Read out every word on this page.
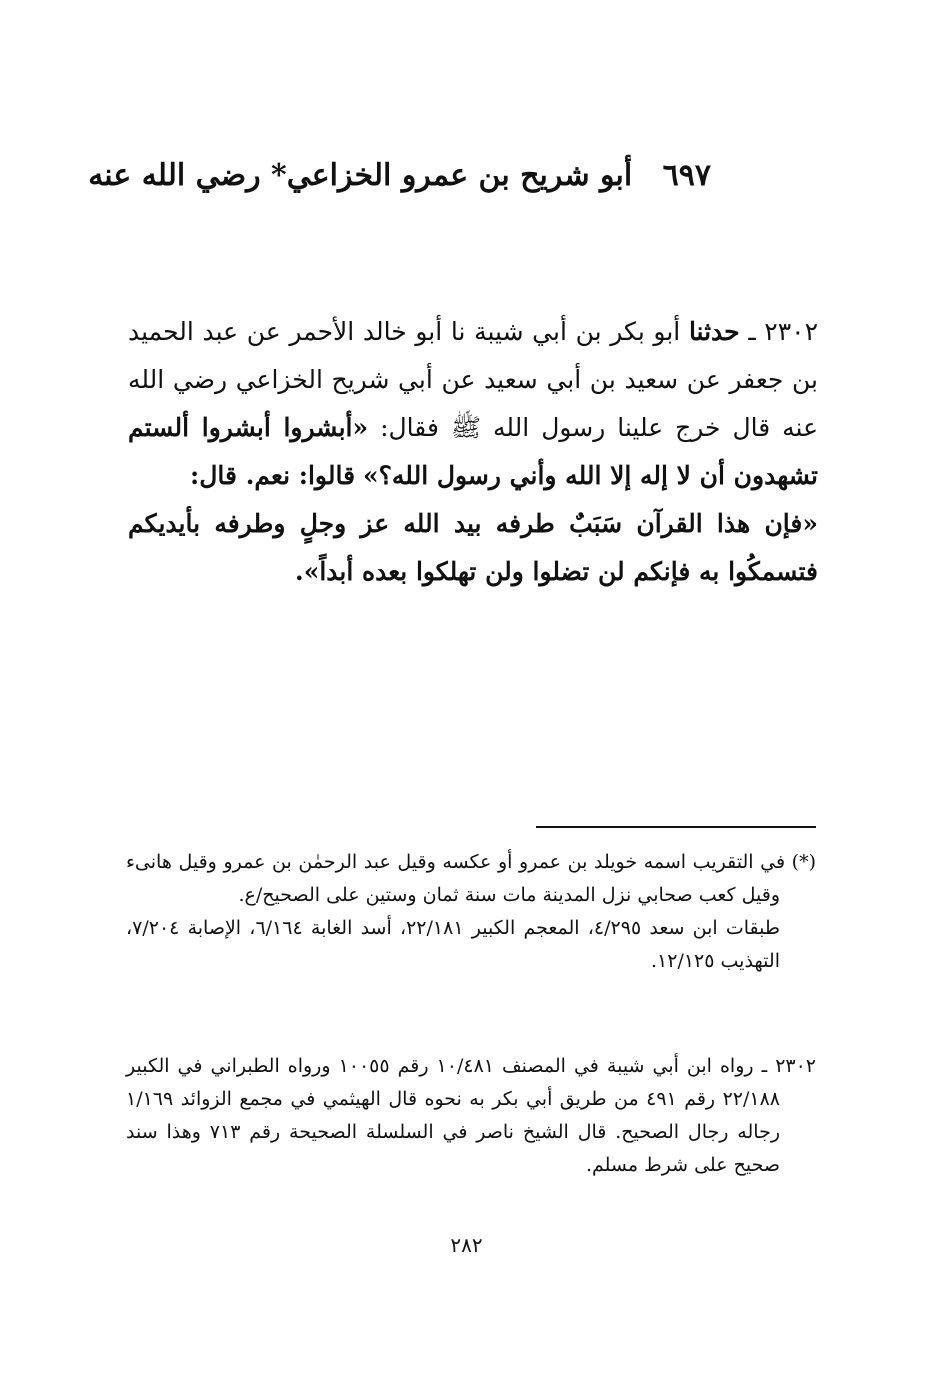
٦٩٧ أبو شريح بن عمرو الخزاعي* رضي الله عنه
٢٣٠٢ ـ حدثنا أبو بكر بن أبي شيبة نا أبو خالد الأحمر عن عبد الحميد بن جعفر عن سعيد بن أبي سعيد عن أبي شريح الخزاعي رضي الله عنه قال خرج علينا رسول الله ﷺ فقال: «أبشروا أبشروا ألستم تشهدون أن لا إله إلا الله وأني رسول الله؟» قالوا: نعم. قال:
«فإن هذا القرآن سَبَبٌ طرفه بيد الله عز وجلٍ وطرفه بأيديكم فتسمكُوا به فإنكم لن تضلوا ولن تهلكوا بعده أبداً».
(*) في التقريب اسمه خويلد بن عمرو أو عكسه وقيل عبد الرحمٰن بن عمرو وقيل هانىء وقيل كعب صحابي نزل المدينة مات سنة ثمان وستين على الصحيح/ع.
طبقات ابن سعد ٤/٢٩٥، المعجم الكبير ٢٢/١٨١، أسد الغابة ٦/١٦٤، الإصابة ٧/٢٠٤، التهذيب ١٢/١٢٥.
٢٣٠٢ ـ رواه ابن أبي شيبة في المصنف ١٠/٤٨١ رقم ١٠٠٥٥ ورواه الطبراني في الكبير ٢٢/١٨٨ رقم ٤٩١ من طريق أبي بكر به نحوه قال الهيثمي في مجمع الزوائد ١/١٦٩ رجاله رجال الصحيح. قال الشيخ ناصر في السلسلة الصحيحة رقم ٧١٣ وهذا سند صحيح على شرط مسلم.
٢٨٢
